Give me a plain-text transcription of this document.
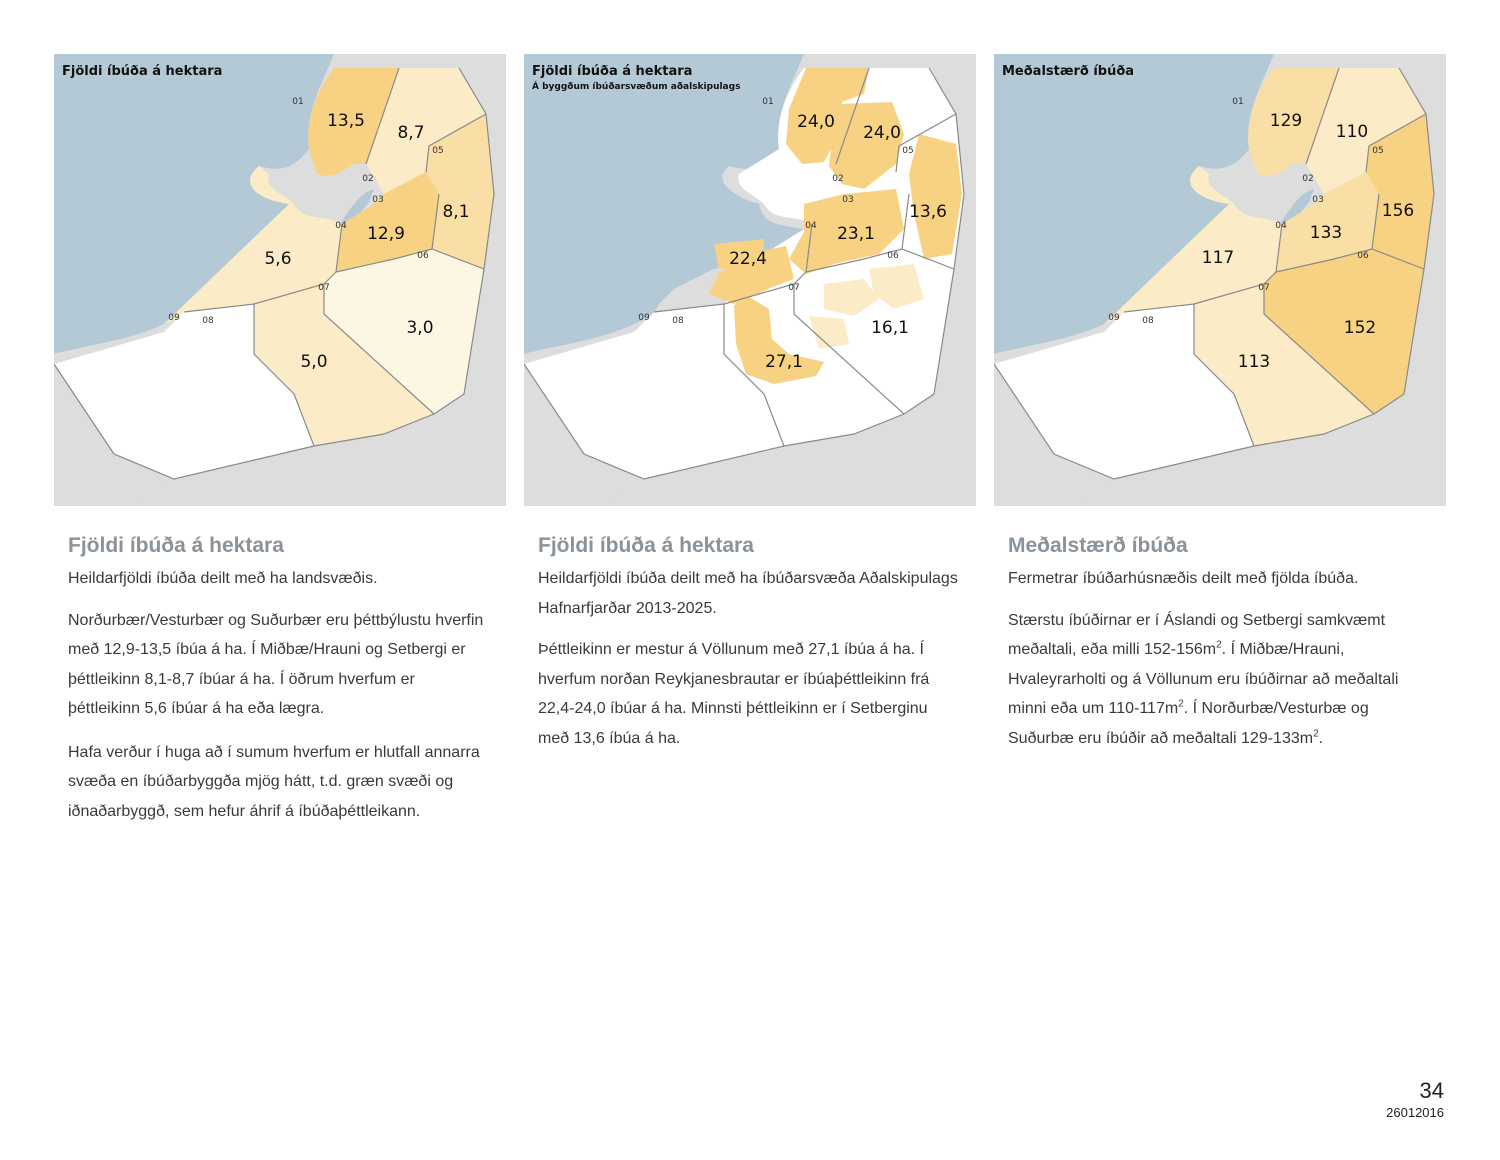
Fjöldi íbúða á hektara
13,5
8,7
8,1
12,9
5,6
3,0
5,0
01
02
03
04
05
06
07
08
09
Fjöldi íbúða á hektara
Á byggðum íbúðarsvæðum aðalskipulags
24,0
24,0
13,6
23,1
22,4
16,1
27,1
01
02
03
04
05
06
07
08
09
Meðalstærð íbúða
129
110
156
133
117
152
113
01
02
03
04
05
06
07
08
09
Fjöldi íbúða á hektara
Heildarfjöldi íbúða deilt með ha landsvæðis.
Norðurbær/Vesturbær og Suðurbær eru þéttbýlustu hverfin með 12,9-13,5 íbúa á ha. Í Miðbæ/Hrauni og Setbergi er þéttleikinn 8,1-8,7 íbúar á ha. Í öðrum hverfum er þéttleikinn 5,6 íbúar á ha eða lægra.
Hafa verður í huga að í sumum hverfum er hlutfall annarra svæða en íbúðarbyggða mjög hátt, t.d. græn svæði og iðnaðarbyggð, sem hefur áhrif á íbúðaþéttleikann.
Fjöldi íbúða á hektara
Heildarfjöldi íbúða deilt með ha íbúðarsvæða Aðalskipulags Hafnarfjarðar 2013-2025.
Þéttleikinn er mestur á Völlunum með 27,1 íbúa á ha. Í hverfum norðan Reykjanesbrautar er íbúaþéttleikinn frá 22,4-24,0 íbúar á ha. Minnsti þéttleikinn er í Setberginu með 13,6 íbúa á ha.
Meðalstærð íbúða
Fermetrar íbúðarhúsnæðis deilt með fjölda íbúða.
Stærstu íbúðirnar er í Áslandi og Setbergi samkvæmt meðaltali, eða milli $152-156m^2$. Í Miðbæ/Hrauni, Hvaleyrarholti og á Völlunum eru íbúðirnar að meðaltali minni eða um $110-117m^2$. Í Norðurbæ/Vesturbæ og Suðurbæ eru íbúðir að meðaltali $129-133m^2$.
34
26012016
